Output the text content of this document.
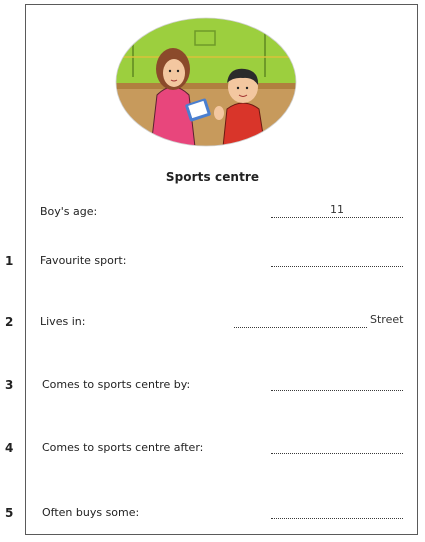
Sports centre
Boy's age:	11
1 Favourite sport:
2 Lives in:	Street
3	Comes to sports centre by:
4	Comes to sports centre after:
5	Often buys some:
